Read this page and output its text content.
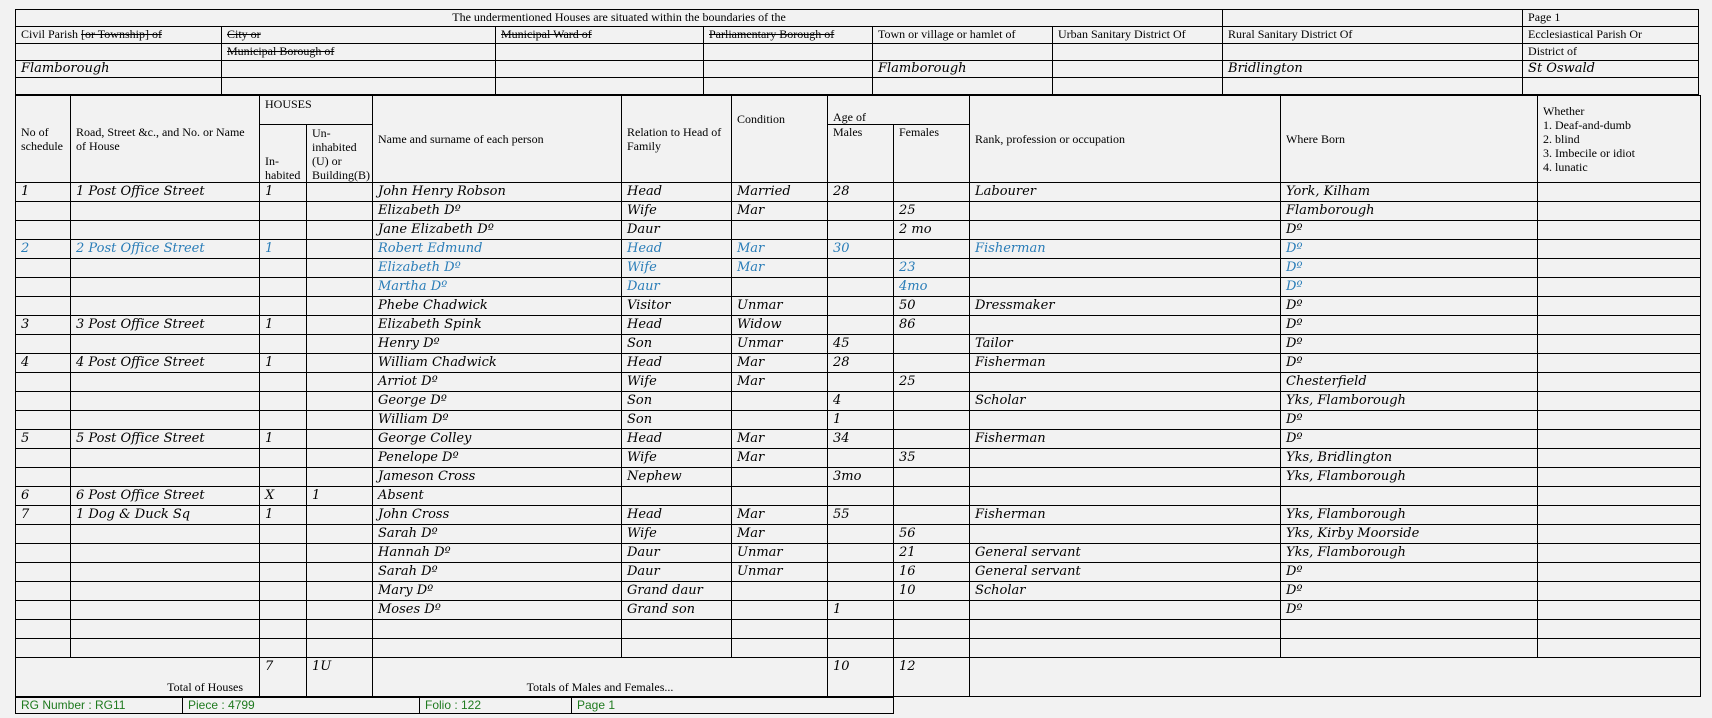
The undermentioned Houses are situated within the boundaries of the							Page 1
Civil Parish [or Township] of	City or	Municipal Ward of	Parliamentary Borough of	Town or village or hamlet of	Urban Sanitary District Of	Rural Sanitary District Of	Ecclesiastical Parish Or
	Municipal Borough of						District of
Flamborough				Flamborough		Bridlington	St Oswald

No of schedule	Road, Street &c., and No. or Name of House	HOUSES		Name and surname of each person	Relation to Head of Family	Condition	Age of		Rank, profession or occupation	Where Born	Whether
1. Deaf-and-dumb
2. blind
3. Imbecile or idiot
4. lunatic

		In-habited	Un-inhabited (U) or Building(B)				Males	Females			
1	1 Post Office Street	1		John Henry Robson	Head	Married	28		Labourer	York, Kilham	
				Elizabeth Dº	Wife	Mar		25		Flamborough	
				Jane Elizabeth Dº	Daur			2 mo		Dº	
2	2 Post Office Street	1		Robert Edmund	Head	Mar	30		Fisherman	Dº	
				Elizabeth Dº	Wife	Mar		23		Dº	
				Martha Dº	Daur			4mo		Dº	
				Phebe Chadwick	Visitor	Unmar		50	Dressmaker	Dº	
3	3 Post Office Street	1		Elizabeth Spink	Head	Widow		86		Dº	
				Henry Dº	Son	Unmar	45		Tailor	Dº	
4	4 Post Office Street	1		William Chadwick	Head	Mar	28		Fisherman	Dº	
				Arriot Dº	Wife	Mar		25		Chesterfield	
				George Dº	Son		4		Scholar	Yks, Flamborough	
				William Dº	Son		1			Dº	
5	5 Post Office Street	1		George Colley	Head	Mar	34		Fisherman	Dº	
				Penelope Dº	Wife	Mar		35		Yks, Bridlington	
				Jameson Cross	Nephew		3mo			Yks, Flamborough	
6	6 Post Office Street	X	1	Absent							
7	1 Dog & Duck Sq	1		John Cross	Head	Mar	55		Fisherman	Yks, Flamborough	
				Sarah Dº	Wife	Mar		56		Yks, Kirby Moorside	
				Hannah Dº	Daur	Unmar		21	General servant	Yks, Flamborough	
				Sarah Dº	Daur	Unmar		16	General servant	Dº	
				Mary Dº	Grand daur			10	Scholar	Dº	
				Moses Dº	Grand son		1			Dº	

Total of Houses		7	1U	Totals of Males and Females...			10	12			
RG Number : RG11	Piece : 4799	Folio : 122	Page 1
